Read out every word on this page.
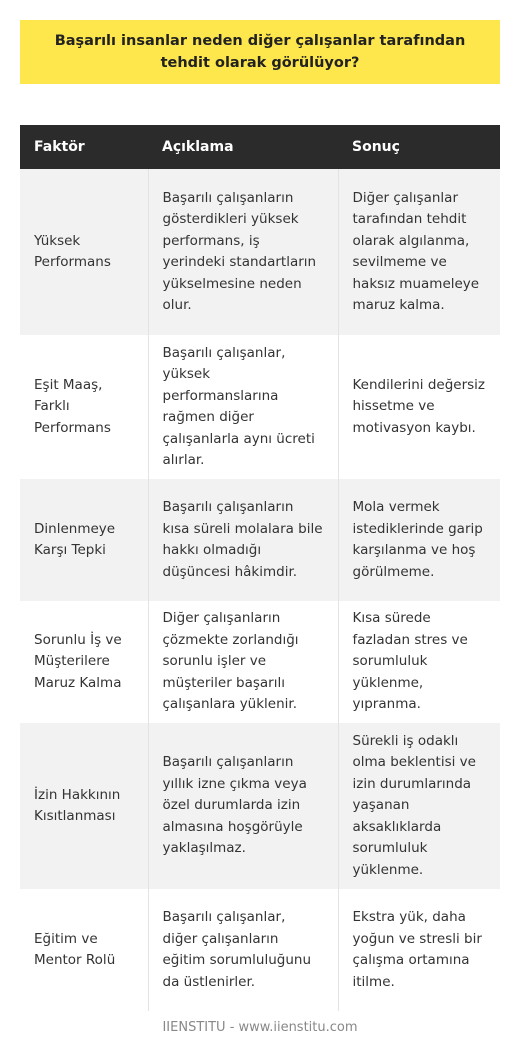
Başarılı insanlar neden diğer çalışanlar tarafından tehdit olarak görülüyor?
Faktör	Açıklama	Sonuç
Yüksek Performans	Başarılı çalışanların gösterdikleri yüksek performans, iş yerindeki standartların yükselmesine neden olur.	Diğer çalışanlar tarafından tehdit olarak algılanma, sevilmeme ve haksız muameleye maruz kalma.
Eşit Maaş, Farklı Performans	Başarılı çalışanlar, yüksek performanslarına rağmen diğer çalışanlarla aynı ücreti alırlar.	Kendilerini değersiz hissetme ve motivasyon kaybı.
Dinlenmeye Karşı Tepki	Başarılı çalışanların kısa süreli molalara bile hakkı olmadığı düşüncesi hâkimdir.	Mola vermek istediklerinde garip karşılanma ve hoş görülmeme.
Sorunlu İş ve Müşterilere Maruz Kalma	Diğer çalışanların çözmekte zorlandığı sorunlu işler ve müşteriler başarılı çalışanlara yüklenir.	Kısa sürede fazladan stres ve sorumluluk yüklenme, yıpranma.
İzin Hakkının Kısıtlanması	Başarılı çalışanların yıllık izne çıkma veya özel durumlarda izin almasına hoşgörüyle yaklaşılmaz.	Sürekli iş odaklı olma beklentisi ve izin durumlarında yaşanan aksaklıklarda sorumluluk yüklenme.
Eğitim ve Mentor Rolü	Başarılı çalışanlar, diğer çalışanların eğitim sorumluluğunu da üstlenirler.	Ekstra yük, daha yoğun ve stresli bir çalışma ortamına itilme.
IIENSTITU - www.iienstitu.com
